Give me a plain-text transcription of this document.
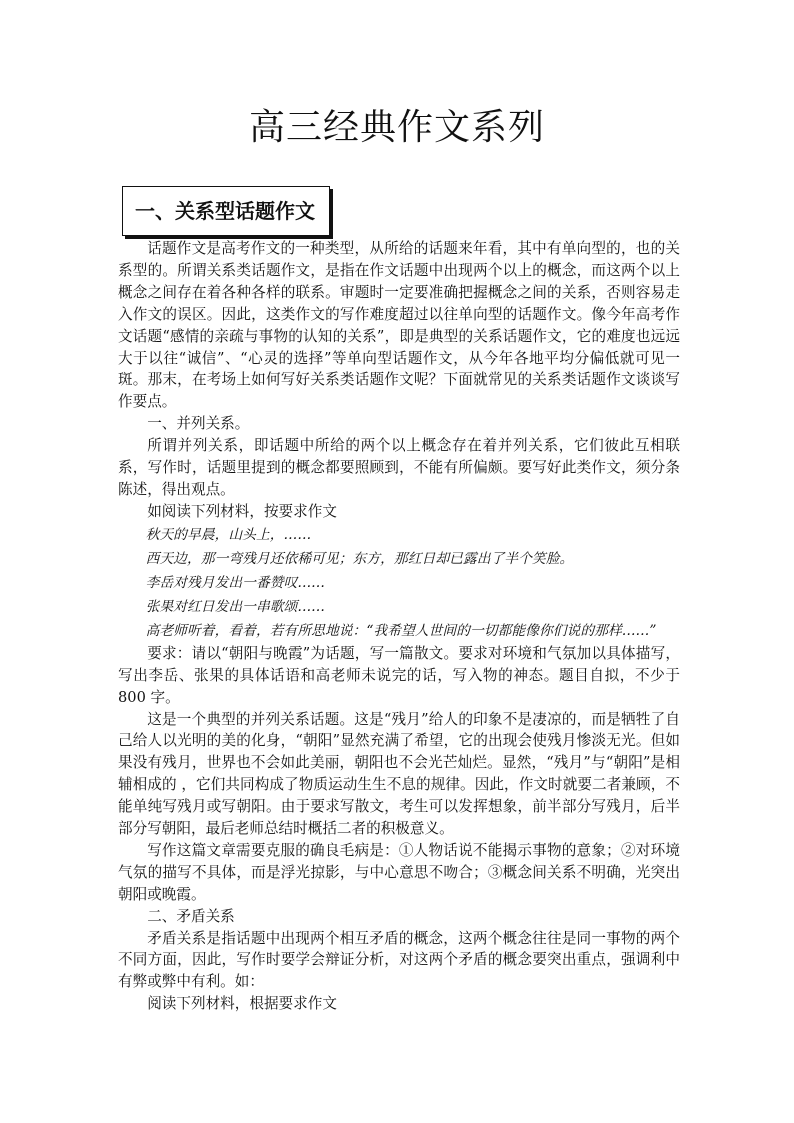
高三经典作文系列
一、关系型话题作文

话题作文是高考作文的一种类型，从所给的话题来年看，其中有单向型的，也的关系型的。所谓关系类话题作文，是指在作文话题中出现两个以上的概念，而这两个以上概念之间存在着各种各样的联系。审题时一定要准确把握概念之间的关系，否则容易走入作文的误区。因此，这类作文的写作难度超过以往单向型的话题作文。像今年高考作文话题“感情的亲疏与事物的认知的关系”，即是典型的关系话题作文，它的难度也远远大于以往“诚信”、“心灵的选择”等单向型话题作文，从今年各地平均分偏低就可见一斑。那末，在考场上如何写好关系类话题作文呢？下面就常见的关系类话题作文谈谈写作要点。

一、并列关系。

所谓并列关系，即话题中所给的两个以上概念存在着并列关系，它们彼此互相联系，写作时，话题里提到的概念都要照顾到，不能有所偏颇。要写好此类作文，须分条陈述，得出观点。

如阅读下列材料，按要求作文

秋天的早晨，山头上，……

西天边，那一弯残月还依稀可见；东方，那红日却已露出了半个笑脸。

李岳对残月发出一番赞叹……

张果对红日发出一串歌颂……

高老师听着，看着，若有所思地说：“我希望人世间的一切都能像你们说的那样……”

要求：请以“朝阳与晚霞”为话题，写一篇散文。要求对环境和气氛加以具体描写，写出李岳、张果的具体话语和高老师未说完的话，写入物的神态。题目自拟，不少于 800 字。

这是一个典型的并列关系话题。这是“残月”给人的印象不是凄凉的，而是牺牲了自己给人以光明的美的化身，“朝阳”显然充满了希望，它的出现会使残月惨淡无光。但如果没有残月，世界也不会如此美丽，朝阳也不会光芒灿烂。显然，“残月”与“朝阳”是相辅相成的 ，它们共同构成了物质运动生生不息的规律。因此，作文时就要二者兼顾，不能单纯写残月或写朝阳。由于要求写散文，考生可以发挥想象，前半部分写残月，后半部分写朝阳，最后老师总结时概括二者的积极意义。

写作这篇文章需要克服的确良毛病是：①人物话说不能揭示事物的意象；②对环境气氛的描写不具体，而是浮光掠影，与中心意思不吻合；③概念间关系不明确，光突出朝阳或晚霞。

二、矛盾关系

矛盾关系是指话题中出现两个相互矛盾的概念，这两个概念往往是同一事物的两个不同方面，因此，写作时要学会辩证分析，对这两个矛盾的概念要突出重点，强调利中有弊或弊中有利。如：

阅读下列材料，根据要求作文
